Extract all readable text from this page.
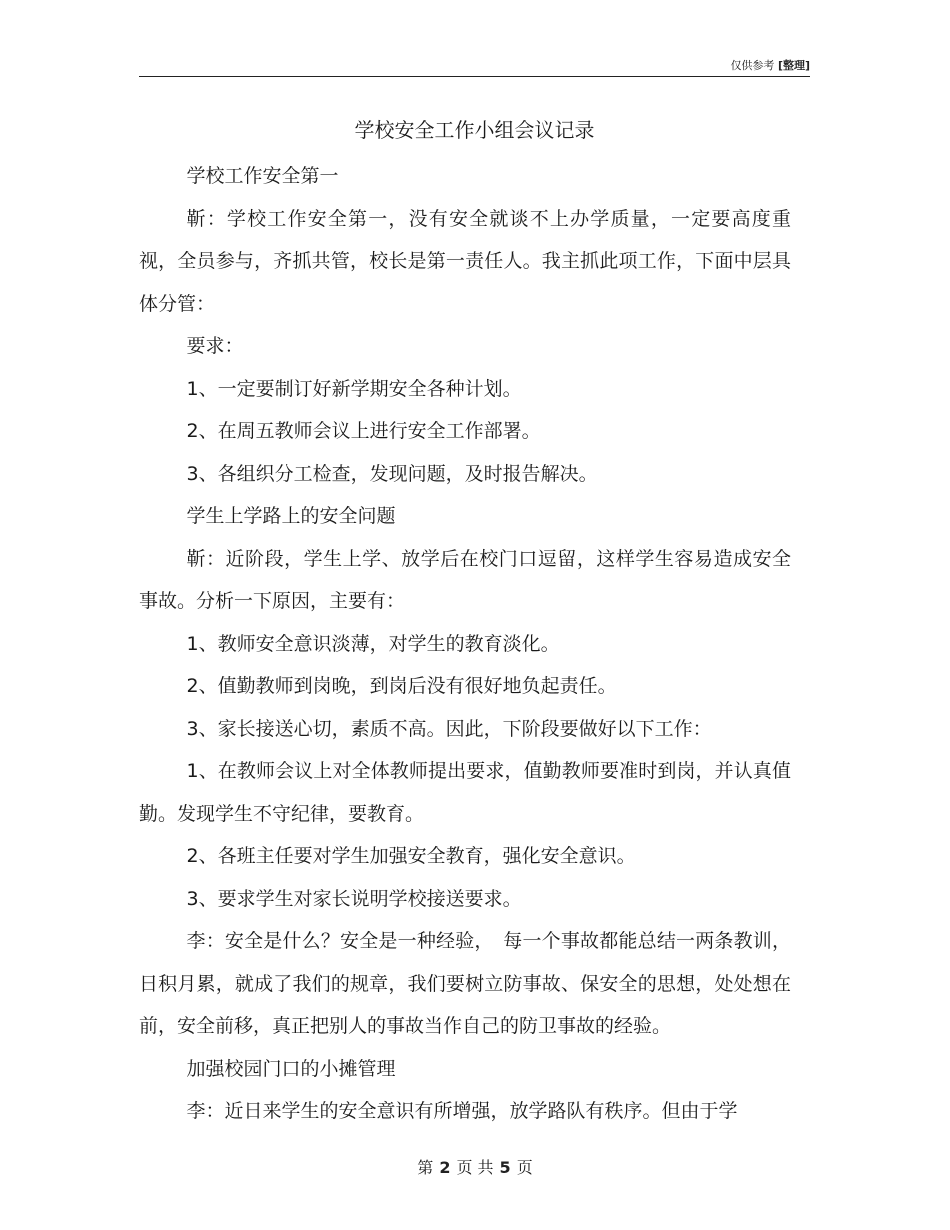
仅供参考 [整理]
学校安全工作小组会议记录

学校工作安全第一

靳：学校工作安全第一，没有安全就谈不上办学质量，一定要高度重视，全员参与，齐抓共管，校长是第一责任人。我主抓此项工作，下面中层具体分管：

要求：

1、一定要制订好新学期安全各种计划。

2、在周五教师会议上进行安全工作部署。

3、各组织分工检查，发现问题，及时报告解决。

学生上学路上的安全问题

靳：近阶段，学生上学、放学后在校门口逗留，这样学生容易造成安全事故。分析一下原因，主要有：

1、教师安全意识淡薄，对学生的教育淡化。

2、值勤教师到岗晚，到岗后没有很好地负起责任。

3、家长接送心切，素质不高。因此，下阶段要做好以下工作：

1、在教师会议上对全体教师提出要求，值勤教师要准时到岗，并认真值勤。发现学生不守纪律，要教育。

2、各班主任要对学生加强安全教育，强化安全意识。

3、要求学生对家长说明学校接送要求。

李：安全是什么？安全是一种经验，　每一个事故都能总结一两条教训，日积月累，就成了我们的规章，我们要树立防事故、保安全的思想，处处想在前，安全前移，真正把别人的事故当作自己的防卫事故的经验。

加强校园门口的小摊管理

李：近日来学生的安全意识有所增强，放学路队有秩序。但由于学

第 2 页 共 5 页
